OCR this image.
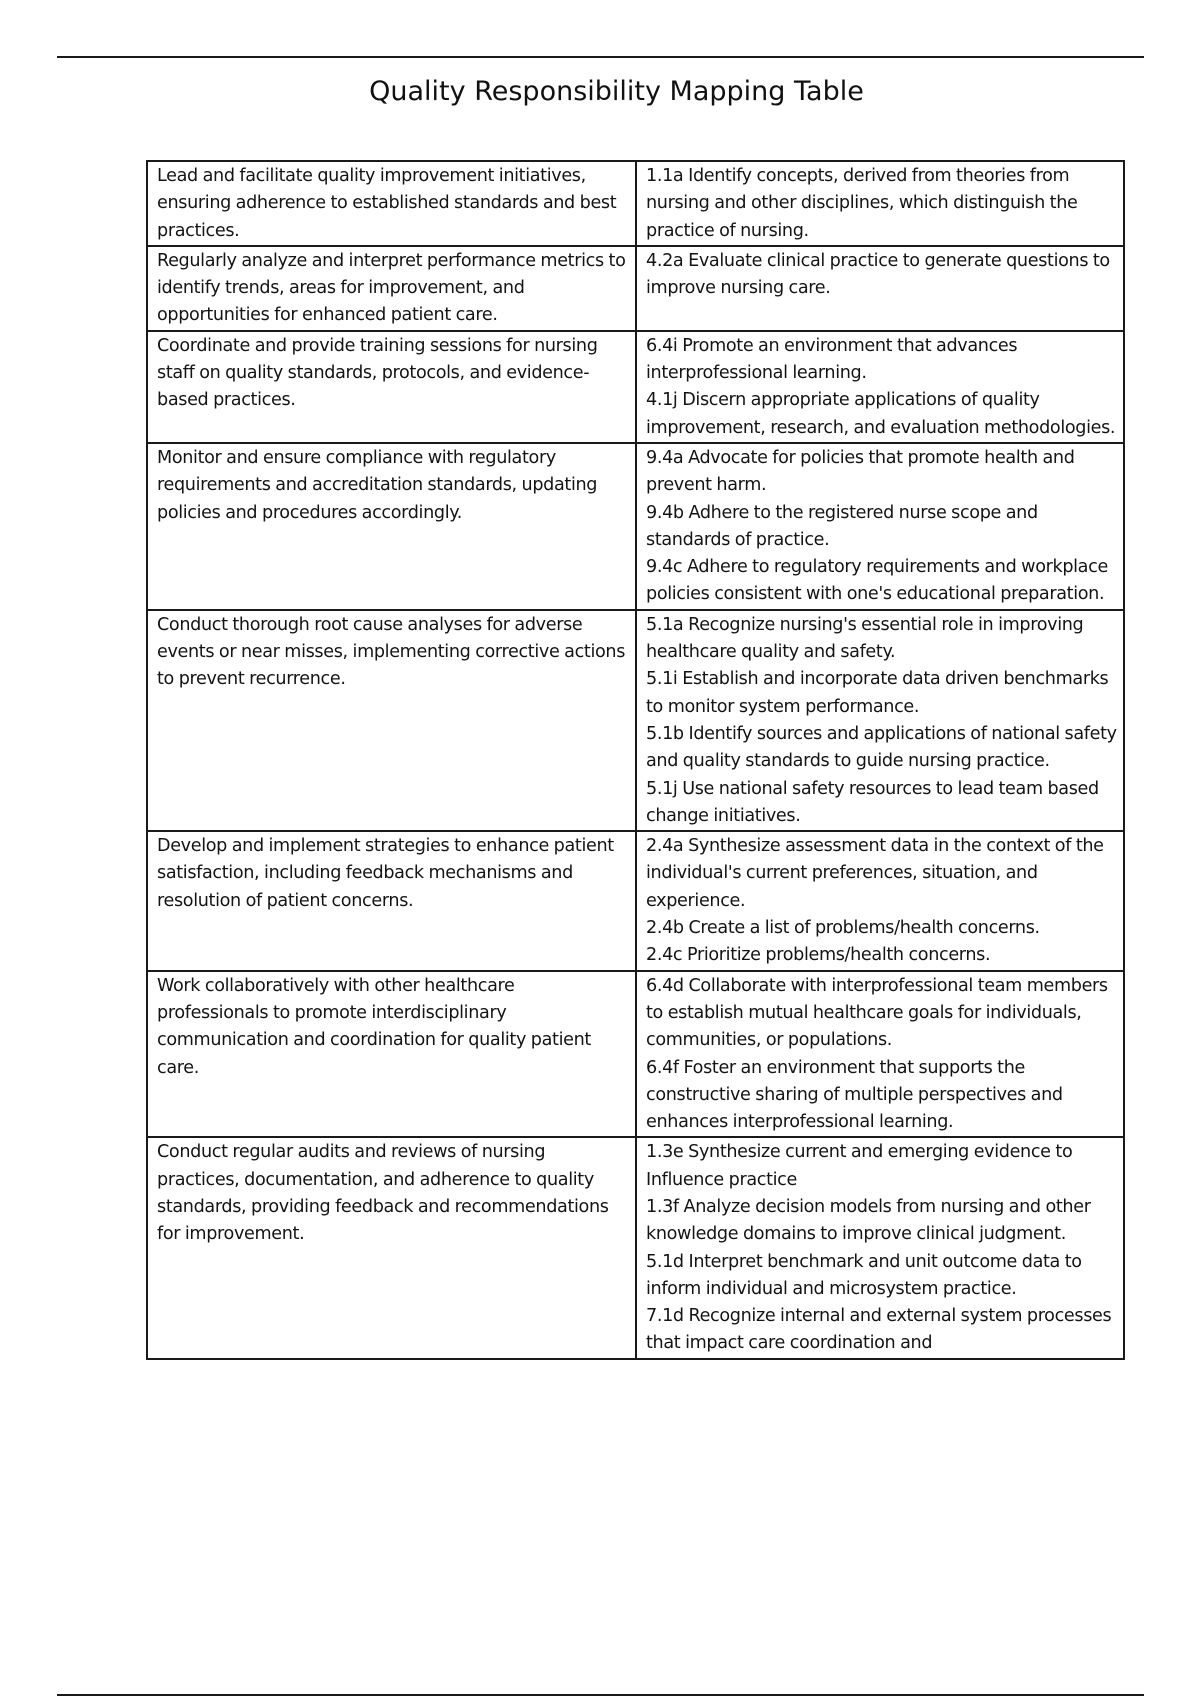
Quality Responsibility Mapping Table
Lead and facilitate quality improvement initiatives, ensuring adherence to established standards and best practices.	1.1a Identify concepts, derived from theories from nursing and other disciplines, which distinguish the practice of nursing.

Regularly analyze and interpret performance metrics to identify trends, areas for improvement, and opportunities for enhanced patient care.	4.2a Evaluate clinical practice to generate questions to improve nursing care.

Coordinate and provide training sessions for nursing staff on quality standards, protocols, and evidence-based practices.	6.4i Promote an environment that advances interprofessional learning.
4.1j Discern appropriate applications of quality improvement, research, and evaluation methodologies.

Monitor and ensure compliance with regulatory requirements and accreditation standards, updating policies and procedures accordingly.	9.4a Advocate for policies that promote health and prevent harm.
9.4b Adhere to the registered nurse scope and standards of practice.
9.4c Adhere to regulatory requirements and workplace policies consistent with one's educational preparation.

Conduct thorough root cause analyses for adverse events or near misses, implementing corrective actions to prevent recurrence.	5.1a Recognize nursing's essential role in improving healthcare quality and safety.
5.1i Establish and incorporate data driven benchmarks to monitor system performance.
5.1b Identify sources and applications of national safety and quality standards to guide nursing practice.
5.1j Use national safety resources to lead team based change initiatives.

Develop and implement strategies to enhance patient satisfaction, including feedback mechanisms and resolution of patient concerns.	2.4a Synthesize assessment data in the context of the individual's current preferences, situation, and experience.
2.4b Create a list of problems/health concerns.
2.4c Prioritize problems/health concerns.

Work collaboratively with other healthcare professionals to promote interdisciplinary communication and coordination for quality patient care.	6.4d Collaborate with interprofessional team members to establish mutual healthcare goals for individuals, communities, or populations.
6.4f Foster an environment that supports the constructive sharing of multiple perspectives and enhances interprofessional learning.

Conduct regular audits and reviews of nursing practices, documentation, and adherence to quality standards, providing feedback and recommendations for improvement.	1.3e Synthesize current and emerging evidence to Influence practice
1.3f Analyze decision models from nursing and other knowledge domains to improve clinical judgment.
5.1d Interpret benchmark and unit outcome data to inform individual and microsystem practice.
7.1d Recognize internal and external system processes that impact care coordination and
